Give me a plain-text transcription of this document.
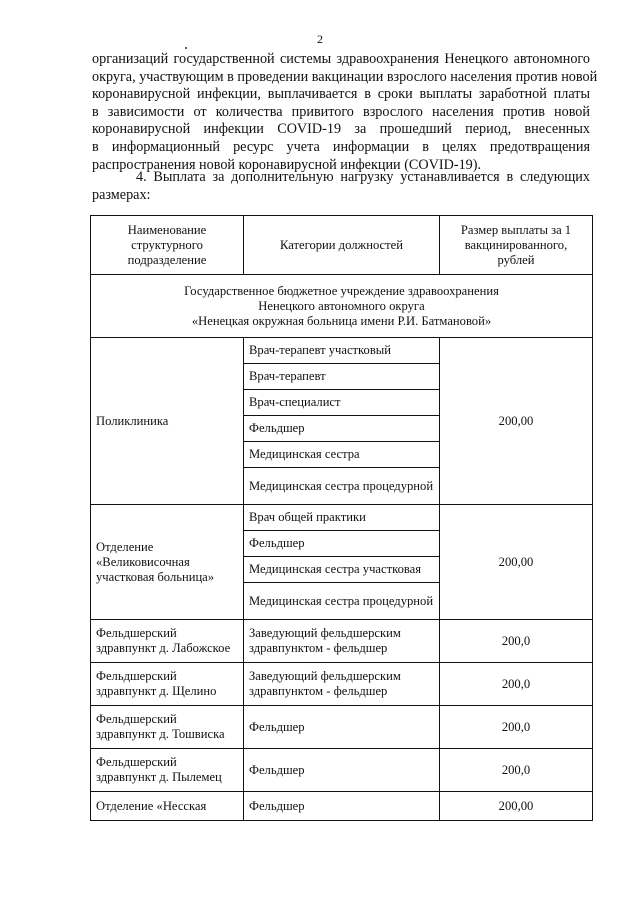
2
организаций государственной системы здравоохранения Ненецкого автономного
округа, участвующим в проведении вакцинации взрослого населения против новой
коронавирусной инфекции, выплачивается в сроки выплаты заработной платы
в зависимости от количества привитого взрослого населения против новой
коронавирусной инфекции COVID-19 за прошедший период, внесенных
в информационный ресурс учета информации в целях предотвращения
распространения новой коронавирусной инфекции (COVID-19).
4. Выплата за дополнительную нагрузку устанавливается в следующих
размерах:
Наименование структурного подразделение	Категории должностей	Размер выплаты за 1 вакцинированного, рублей

Государственное бюджетное учреждение здравоохранения
Ненецкого автономного округа
«Ненецкая окружная больница имени Р.И. Батмановой»		

Поликлиника	Врач-терапевт участковый	200,00
	Врач-терапевт	
	Врач-специалист	
	Фельдшер	
	Медицинская сестра	
	Медицинская сестра процедурной	
Отделение «Великовисочная участковая больница»	Врач общей практики	200,00
	Фельдшер	
	Медицинская сестра участковая	
	Медицинская сестра процедурной	
Фельдшерский здравпункт д. Лабожское	Заведующий фельдшерским здравпунктом - фельдшер	200,0
Фельдшерский здравпункт д. Щелино	Заведующий фельдшерским здравпунктом - фельдшер	200,0
Фельдшерский здравпункт д. Тошвиска	Фельдшер	200,0
Фельдшерский здравпункт д. Пылемец	Фельдшер	200,0
Отделение «Несская	Фельдшер	200,00
